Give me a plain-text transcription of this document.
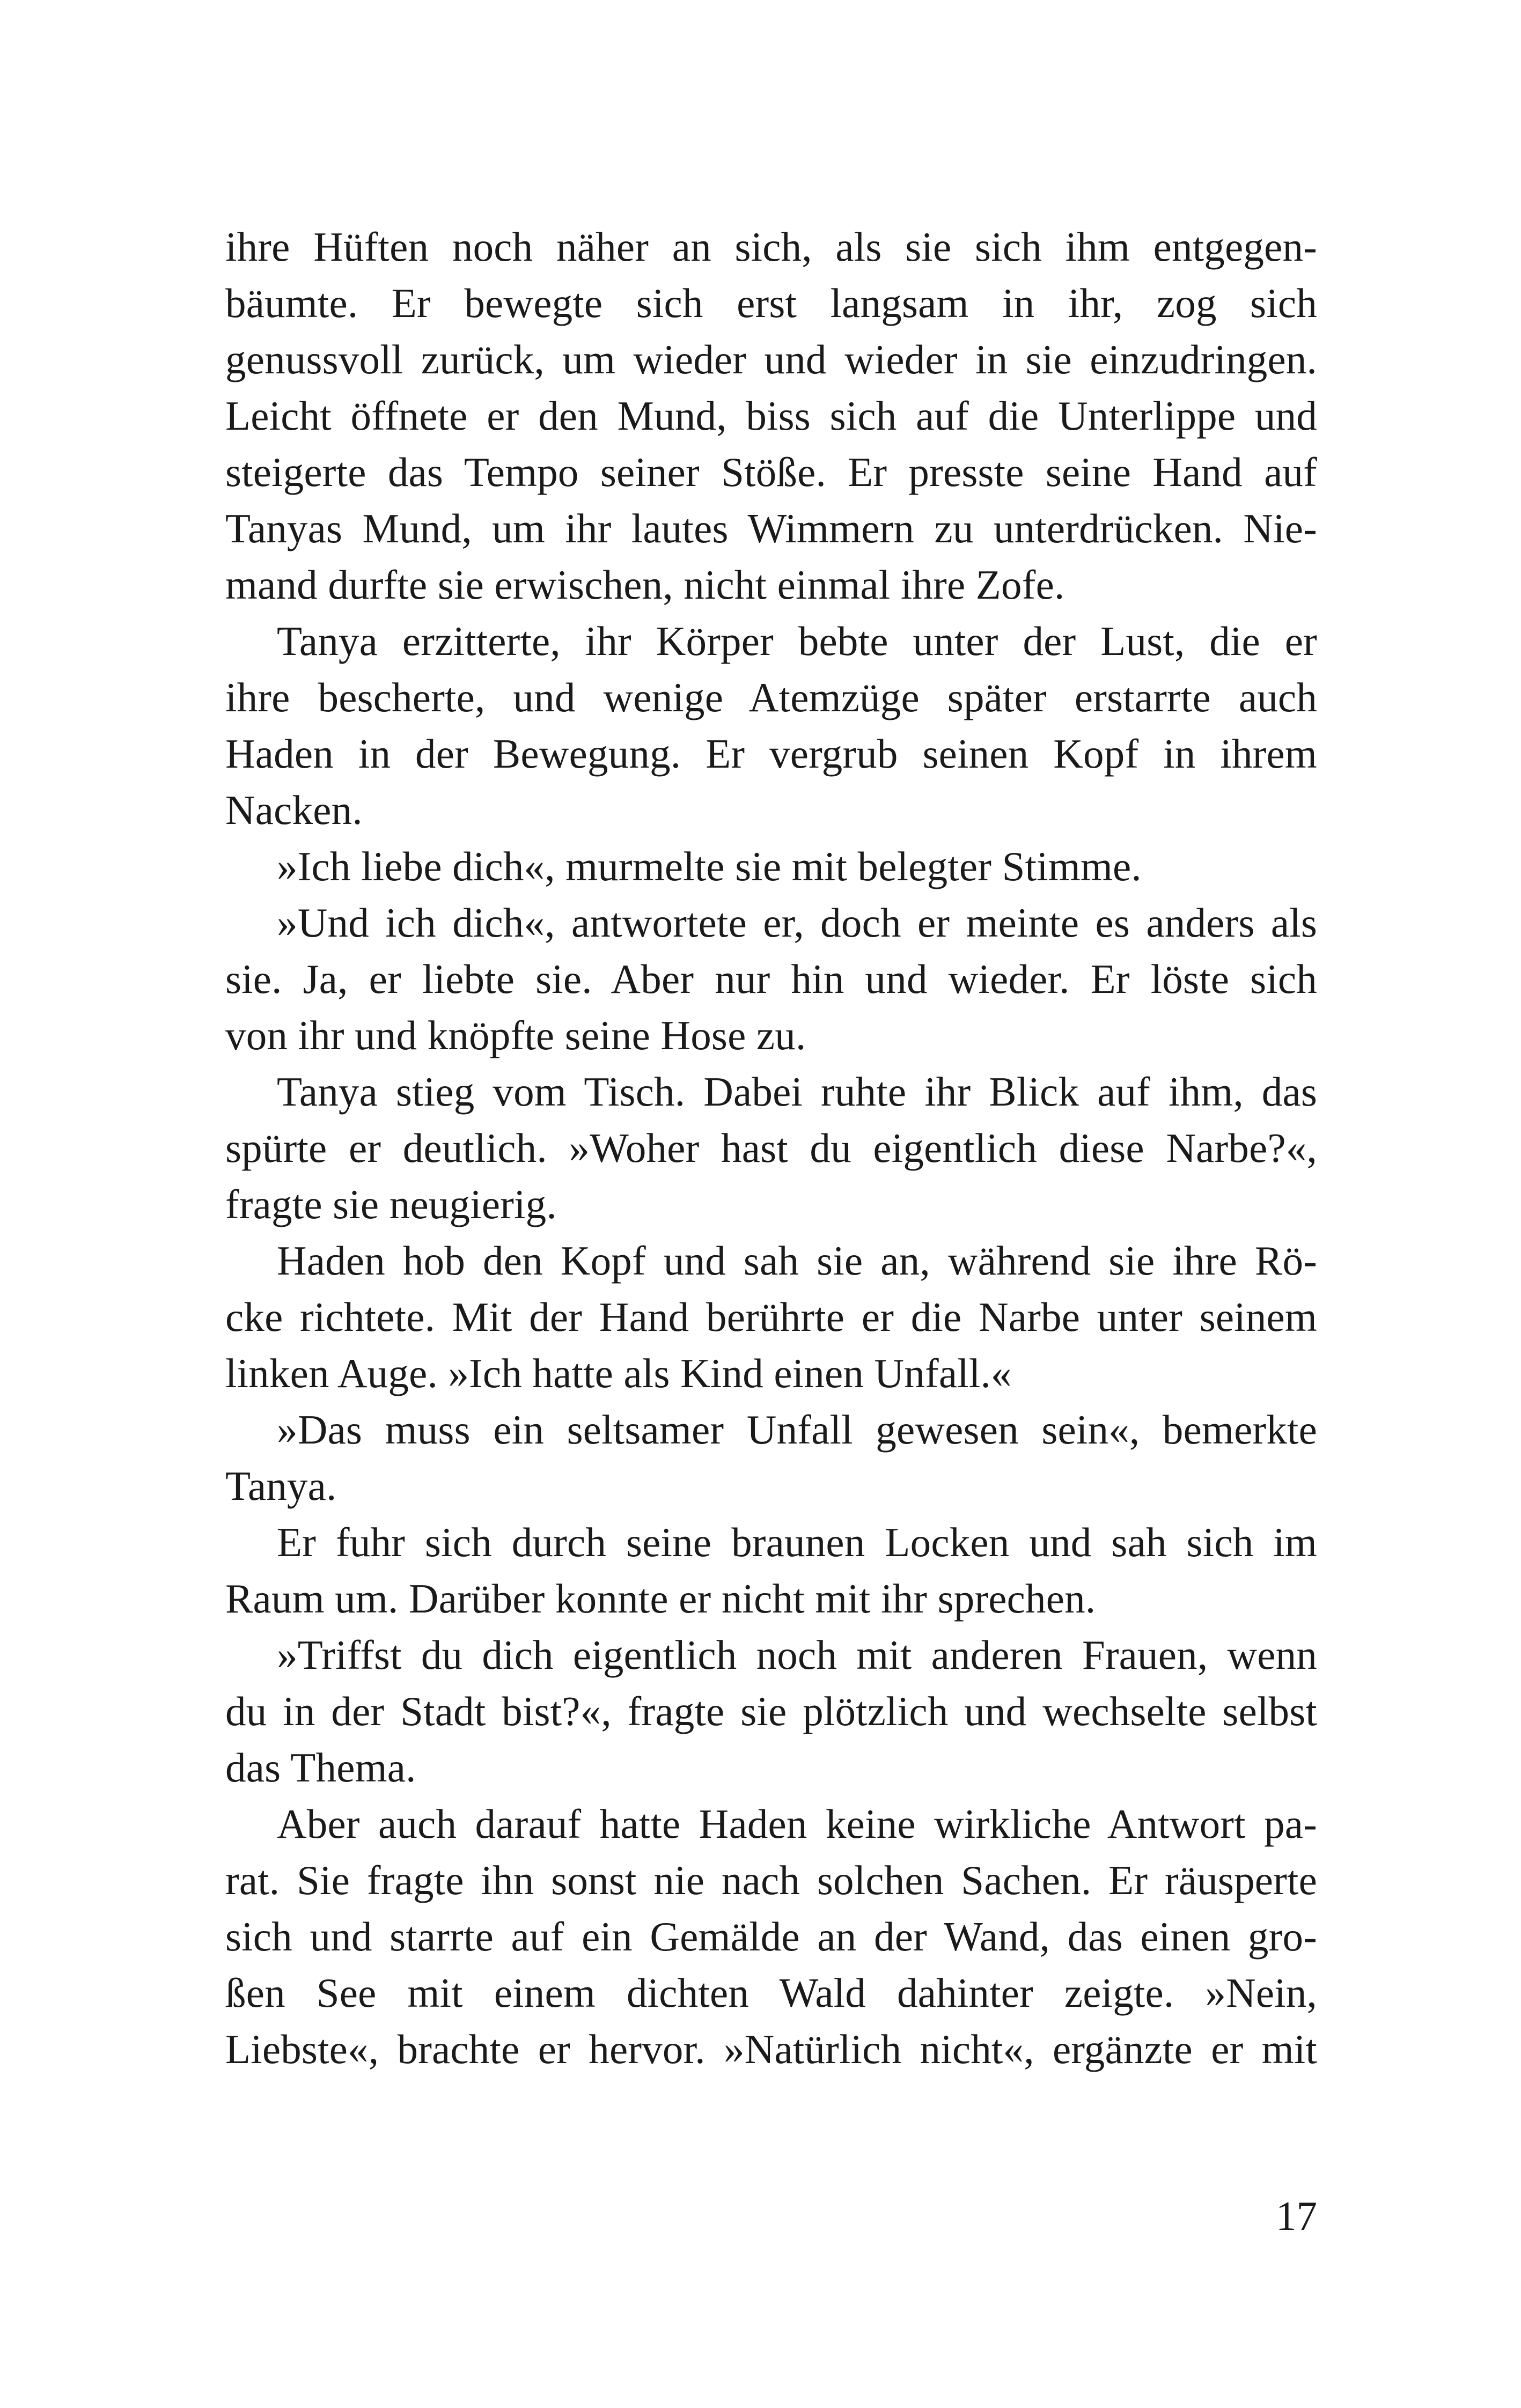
ihre Hüften noch näher an sich, als sie sich ihm entgegen-
bäumte. Er bewegte sich erst langsam in ihr, zog sich
genussvoll zurück, um wieder und wieder in sie einzudringen.
Leicht öffnete er den Mund, biss sich auf die Unterlippe und
steigerte das Tempo seiner Stöße. Er presste seine Hand auf
Tanyas Mund, um ihr lautes Wimmern zu unterdrücken. Nie-
mand durfte sie erwischen, nicht einmal ihre Zofe.
Tanya erzitterte, ihr Körper bebte unter der Lust, die er
ihre bescherte, und wenige Atemzüge später erstarrte auch
Haden in der Bewegung. Er vergrub seinen Kopf in ihrem
Nacken.
»Ich liebe dich«, murmelte sie mit belegter Stimme.
»Und ich dich«, antwortete er, doch er meinte es anders als
sie. Ja, er liebte sie. Aber nur hin und wieder. Er löste sich
von ihr und knöpfte seine Hose zu.
Tanya stieg vom Tisch. Dabei ruhte ihr Blick auf ihm, das
spürte er deutlich. »Woher hast du eigentlich diese Narbe?«,
fragte sie neugierig.
Haden hob den Kopf und sah sie an, während sie ihre Rö-
cke richtete. Mit der Hand berührte er die Narbe unter seinem
linken Auge. »Ich hatte als Kind einen Unfall.«
»Das muss ein seltsamer Unfall gewesen sein«, bemerkte
Tanya.
Er fuhr sich durch seine braunen Locken und sah sich im
Raum um. Darüber konnte er nicht mit ihr sprechen.
»Triffst du dich eigentlich noch mit anderen Frauen, wenn
du in der Stadt bist?«, fragte sie plötzlich und wechselte selbst
das Thema.
Aber auch darauf hatte Haden keine wirkliche Antwort pa-
rat. Sie fragte ihn sonst nie nach solchen Sachen. Er räusperte
sich und starrte auf ein Gemälde an der Wand, das einen gro-
ßen See mit einem dichten Wald dahinter zeigte. »Nein,
Liebste«, brachte er hervor. »Natürlich nicht«, ergänzte er mit
17
